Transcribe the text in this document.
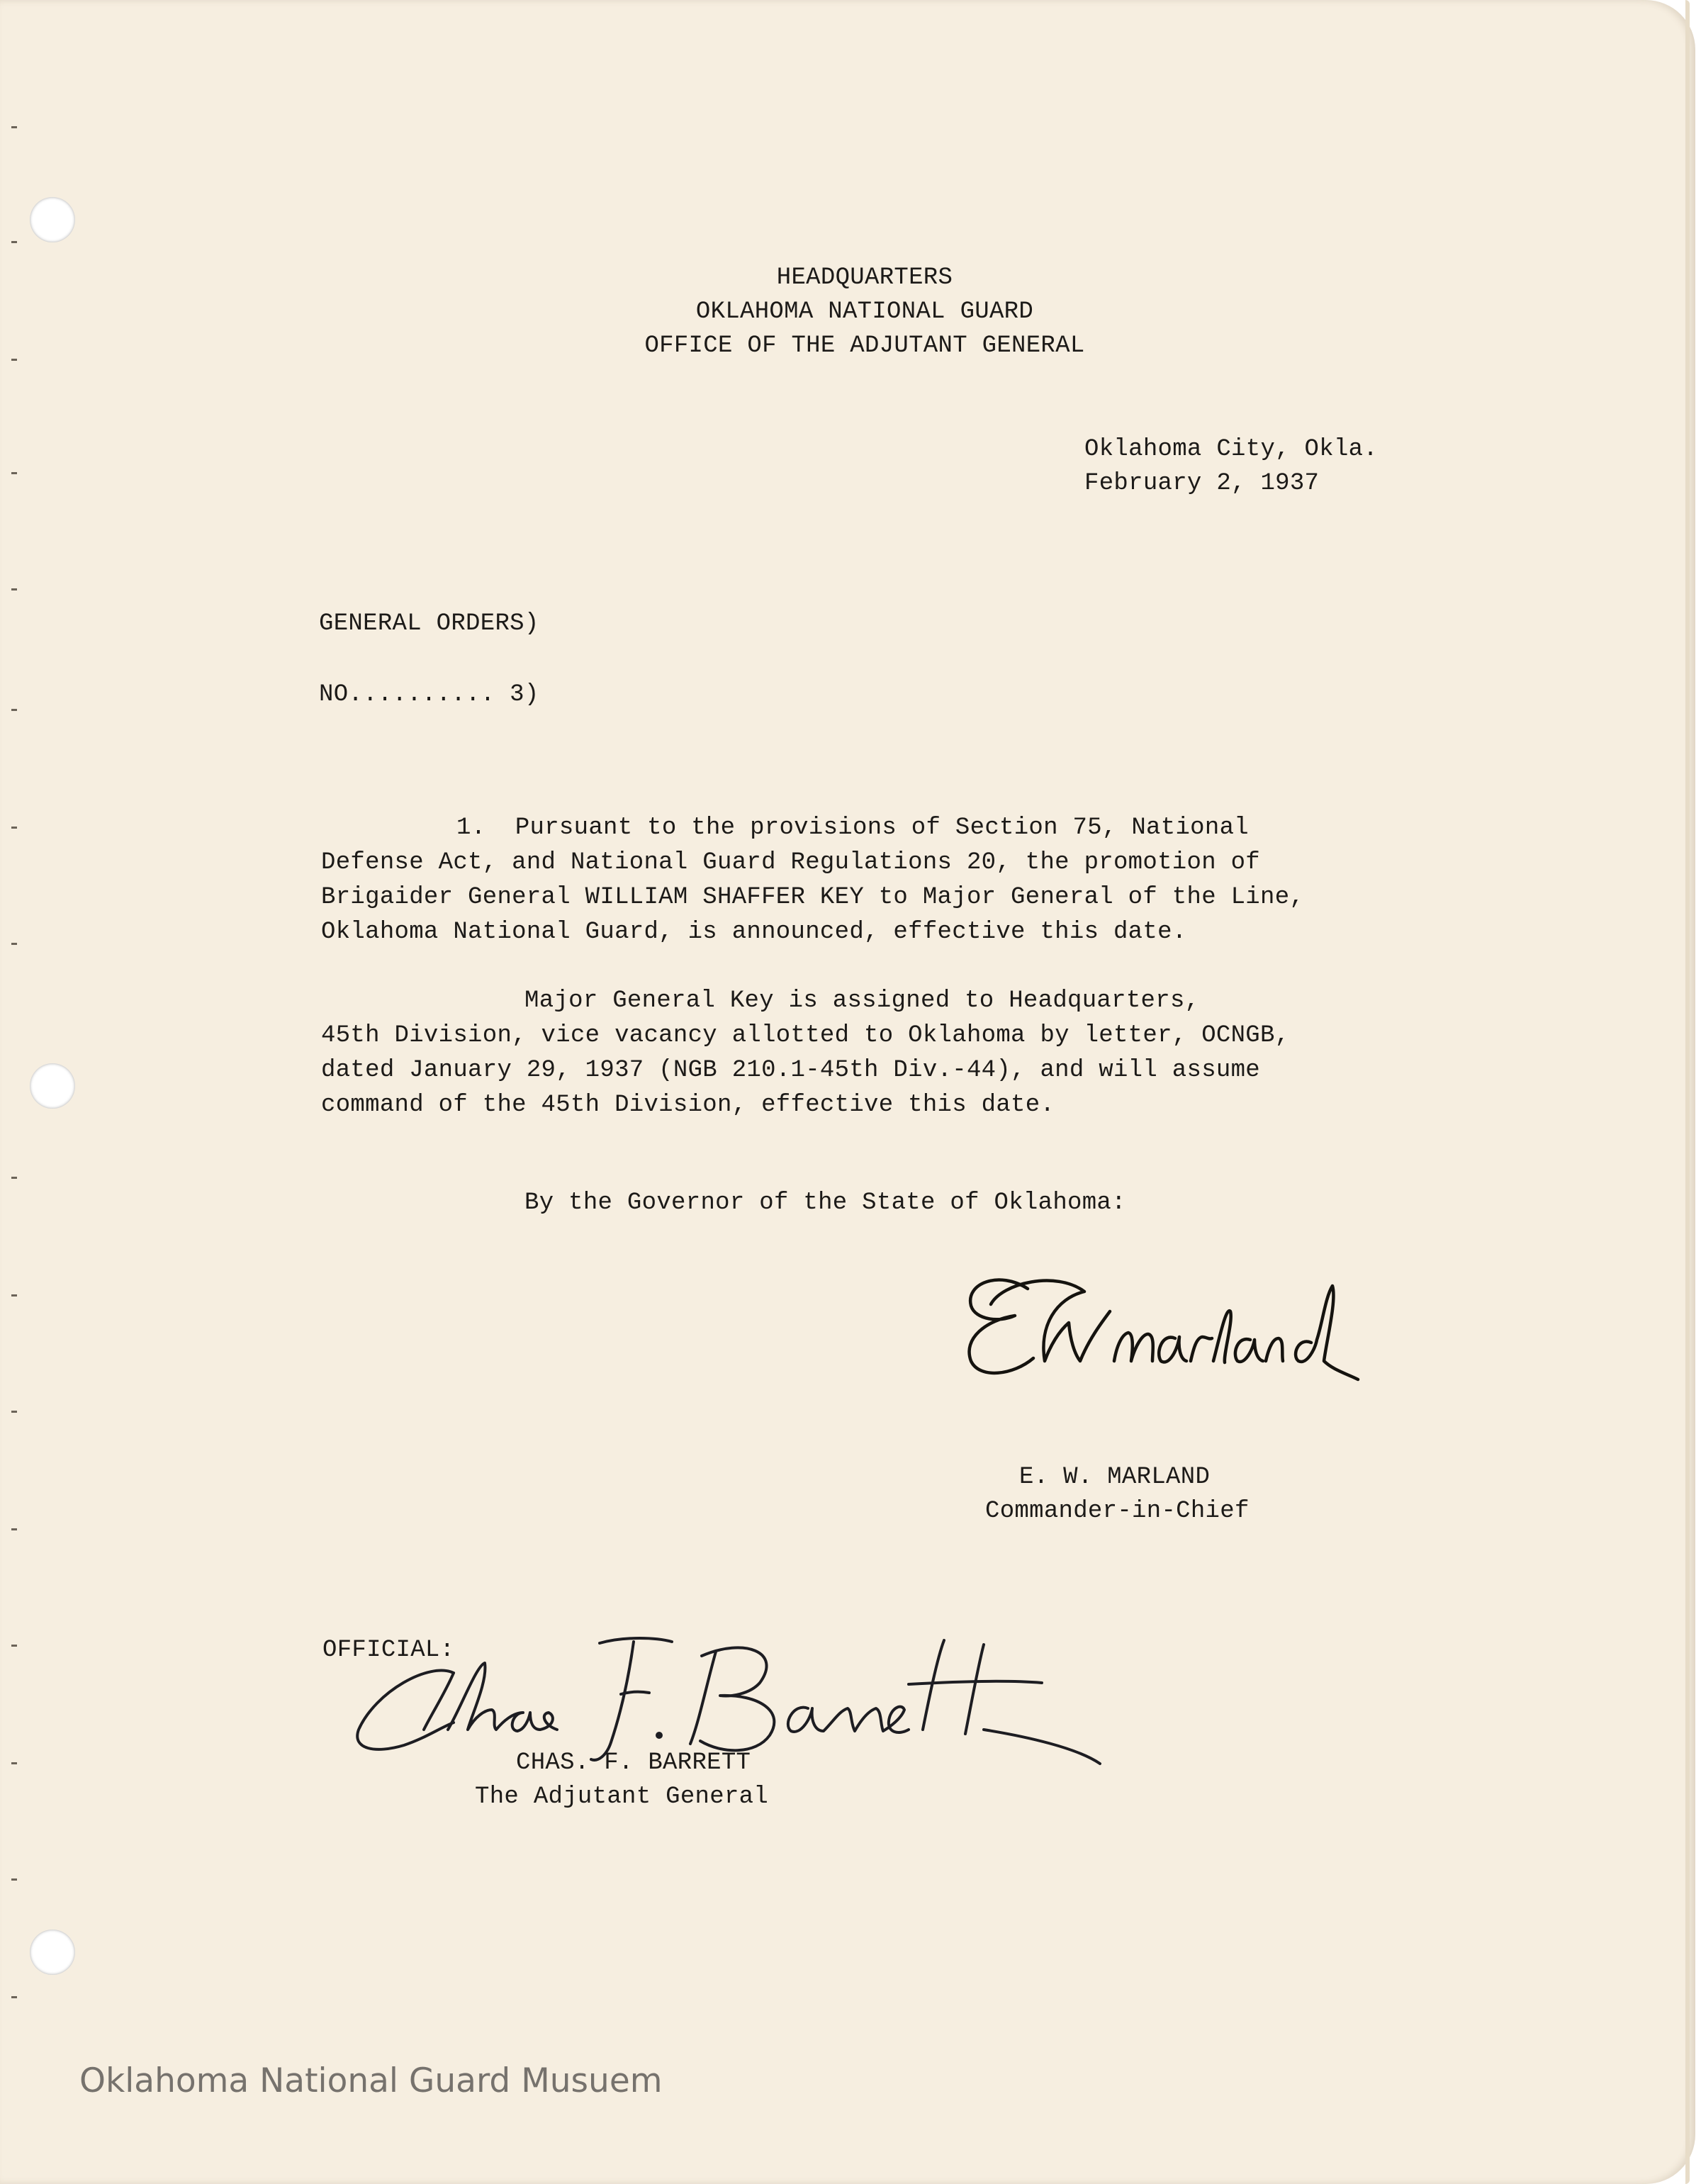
HEADQUARTERS
OKLAHOMA NATIONAL GUARD
OFFICE OF THE ADJUTANT GENERAL
Oklahoma City, Okla.
February 2, 1937
GENERAL ORDERS)
NO.......... 3)
1.  Pursuant to the provisions of Section 75, National
Defense Act, and National Guard Regulations 20, the promotion of
Brigaider General WILLIAM SHAFFER KEY to Major General of the Line,
Oklahoma National Guard, is announced, effective this date.
Major General Key is assigned to Headquarters,
45th Division, vice vacancy allotted to Oklahoma by letter, OCNGB,
dated January 29, 1937 (NGB 210.1-45th Div.-44), and will assume
command of the 45th Division, effective this date.
By the Governor of the State of Oklahoma:
E. W. MARLAND
Commander-in-Chief
OFFICIAL:
CHAS. F. BARRETT
The Adjutant General
Oklahoma National Guard Musuem
